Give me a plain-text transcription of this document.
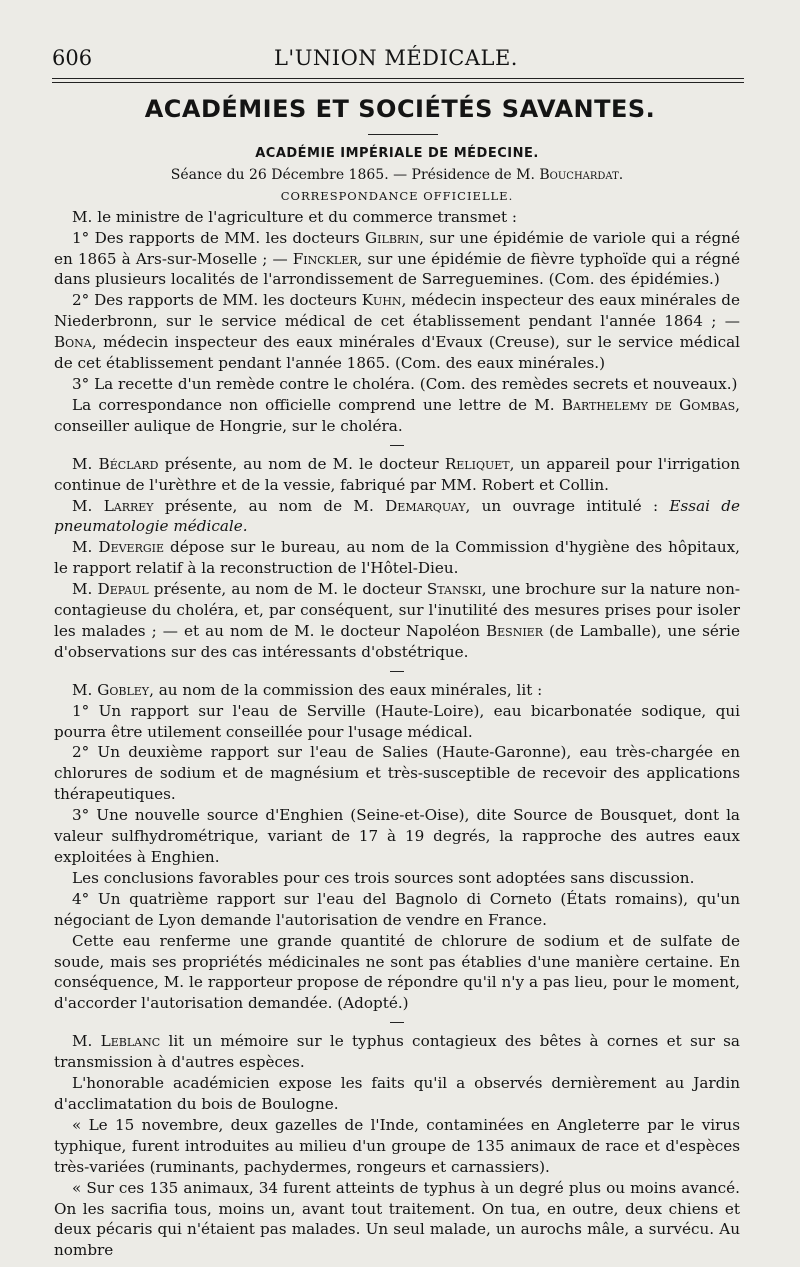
606	L'UNION MÉDICALE.
ACADÉMIES ET SOCIÉTÉS SAVANTES.

ACADÉMIE IMPÉRIALE DE MÉDECINE.

Séance du 26 Décembre 1865. — Présidence de M. Bouchardat.

CORRESPONDANCE OFFICIELLE.

M. le ministre de l'agriculture et du commerce transmet :

1° Des rapports de MM. les docteurs Gilbrin, sur une épidémie de variole qui a régné en 1865 à Ars-sur-Moselle ; — Finckler, sur une épidémie de fièvre typhoïde qui a régné dans plusieurs localités de l'arrondissement de Sarreguemines. (Com. des épidémies.)

2° Des rapports de MM. les docteurs Kuhn, médecin inspecteur des eaux minérales de Niederbronn, sur le service médical de cet établissement pendant l'année 1864 ; — Bona, médecin inspecteur des eaux minérales d'Evaux (Creuse), sur le service médical de cet établissement pendant l'année 1865. (Com. des eaux minérales.)

3° La recette d'un remède contre le choléra. (Com. des remèdes secrets et nouveaux.)

La correspondance non officielle comprend une lettre de M. Barthelemy de Gombas, conseiller aulique de Hongrie, sur le choléra.

M. Béclard présente, au nom de M. le docteur Reliquet, un appareil pour l'irrigation continue de l'urèthre et de la vessie, fabriqué par MM. Robert et Collin.

M. Larrey présente, au nom de M. Demarquay, un ouvrage intitulé : Essai de pneumatologie médicale.

M. Devergie dépose sur le bureau, au nom de la Commission d'hygiène des hôpitaux, le rapport relatif à la reconstruction de l'Hôtel-Dieu.

M. Depaul présente, au nom de M. le docteur Stanski, une brochure sur la nature non-contagieuse du choléra, et, par conséquent, sur l'inutilité des mesures prises pour isoler les malades ; — et au nom de M. le docteur Napoléon Besnier (de Lamballe), une série d'observations sur des cas intéressants d'obstétrique.

M. Gobley, au nom de la commission des eaux minérales, lit :

1° Un rapport sur l'eau de Serville (Haute-Loire), eau bicarbonatée sodique, qui pourra être utilement conseillée pour l'usage médical.

2° Un deuxième rapport sur l'eau de Salies (Haute-Garonne), eau très-chargée en chlorures de sodium et de magnésium et très-susceptible de recevoir des applications thérapeutiques.

3° Une nouvelle source d'Enghien (Seine-et-Oise), dite Source de Bousquet, dont la valeur sulfhydrométrique, variant de 17 à 19 degrés, la rapproche des autres eaux exploitées à Enghien.

Les conclusions favorables pour ces trois sources sont adoptées sans discussion.

4° Un quatrième rapport sur l'eau del Bagnolo di Corneto (États romains), qu'un négociant de Lyon demande l'autorisation de vendre en France.

Cette eau renferme une grande quantité de chlorure de sodium et de sulfate de soude, mais ses propriétés médicinales ne sont pas établies d'une manière certaine. En conséquence, M. le rapporteur propose de répondre qu'il n'y a pas lieu, pour le moment, d'accorder l'autorisation demandée. (Adopté.)

M. Leblanc lit un mémoire sur le typhus contagieux des bêtes à cornes et sur sa transmission à d'autres espèces.

L'honorable académicien expose les faits qu'il a observés dernièrement au Jardin d'acclimatation du bois de Boulogne.

« Le 15 novembre, deux gazelles de l'Inde, contaminées en Angleterre par le virus typhique, furent introduites au milieu d'un groupe de 135 animaux de race et d'espèces très-variées (ruminants, pachydermes, rongeurs et carnassiers).

« Sur ces 135 animaux, 34 furent atteints de typhus à un degré plus ou moins avancé. On les sacrifia tous, moins un, avant tout traitement. On tua, en outre, deux chiens et deux pécaris qui n'étaient pas malades. Un seul malade, un aurochs mâle, a survécu. Au nombre
